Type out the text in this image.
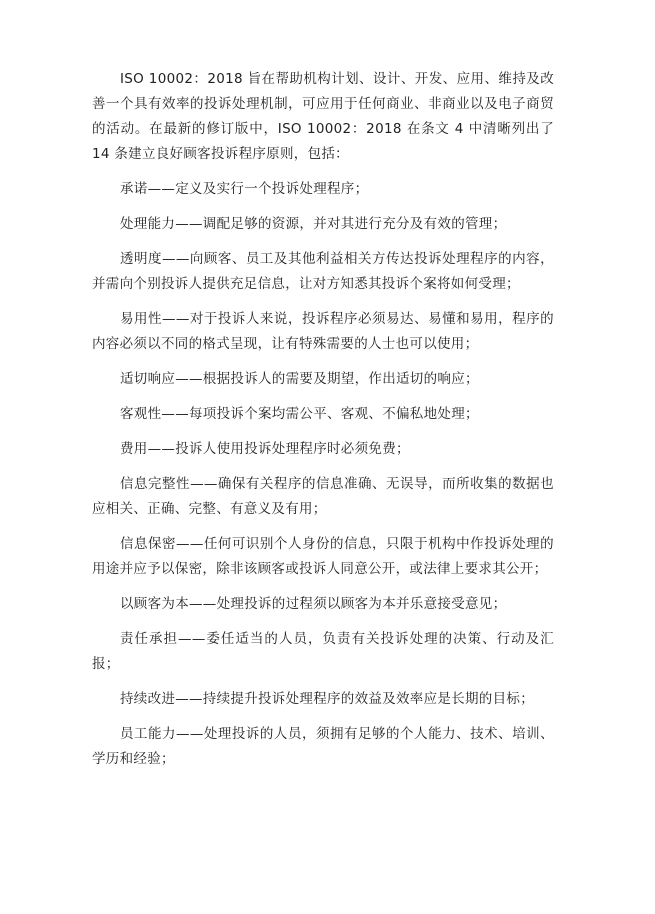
ISO 10002：2018 旨在帮助机构计划、设计、开发、应用、维持及改善一个具有效率的投诉处理机制，可应用于任何商业、非商业以及电子商贸的活动。在最新的修订版中，ISO 10002：2018 在条文 4 中清晰列出了 14 条建立良好顾客投诉程序原则，包括：

承诺——定义及实行一个投诉处理程序；

处理能力——调配足够的资源，并对其进行充分及有效的管理；

透明度——向顾客、员工及其他利益相关方传达投诉处理程序的内容，并需向个别投诉人提供充足信息，让对方知悉其投诉个案将如何受理；

易用性——对于投诉人来说，投诉程序必须易达、易懂和易用，程序的内容必须以不同的格式呈现，让有特殊需要的人士也可以使用；

适切响应——根据投诉人的需要及期望，作出适切的响应；

客观性——每项投诉个案均需公平、客观、不偏私地处理；

费用——投诉人使用投诉处理程序时必须免费；

信息完整性——确保有关程序的信息准确、无误导，而所收集的数据也应相关、正确、完整、有意义及有用；

信息保密——任何可识别个人身份的信息，只限于机构中作投诉处理的用途并应予以保密，除非该顾客或投诉人同意公开，或法律上要求其公开；

以顾客为本——处理投诉的过程须以顾客为本并乐意接受意见；

责任承担——委任适当的人员，负责有关投诉处理的决策、行动及汇报；

持续改进——持续提升投诉处理程序的效益及效率应是长期的目标；

员工能力——处理投诉的人员，须拥有足够的个人能力、技术、培训、学历和经验；
